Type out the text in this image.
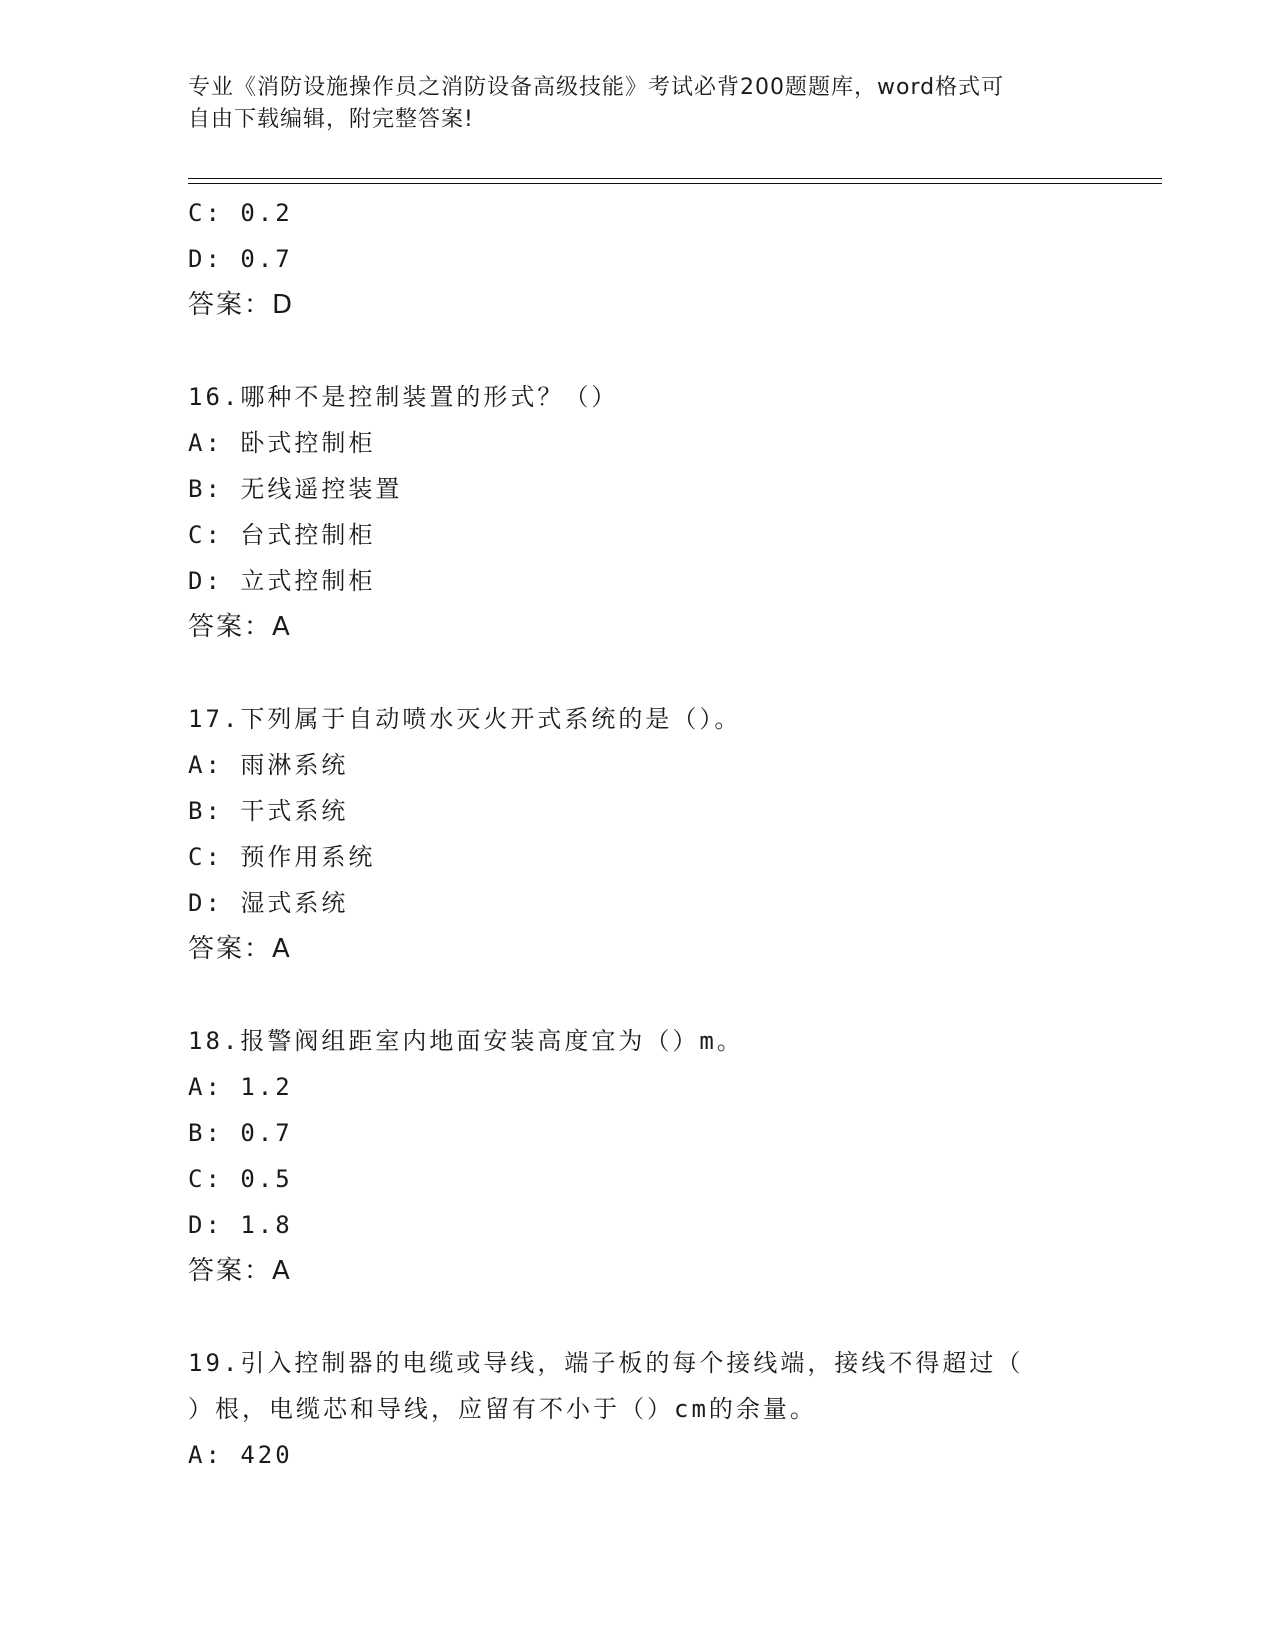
专业《消防设施操作员之消防设备高级技能》考试必背200题题库，word格式可
自由下载编辑，附完整答案!
C: 0.2
D: 0.7
答案：D
16.哪种不是控制装置的形式？（）
A: 卧式控制柜
B: 无线遥控装置
C: 台式控制柜
D: 立式控制柜
答案：A
17.下列属于自动喷水灭火开式系统的是（）。
A: 雨淋系统
B: 干式系统
C: 预作用系统
D: 湿式系统
答案：A
18.报警阀组距室内地面安装高度宜为（）m。
A: 1.2
B: 0.7
C: 0.5
D: 1.8
答案：A
19.引入控制器的电缆或导线，端子板的每个接线端，接线不得超过（
）根，电缆芯和导线，应留有不小于（）cm的余量。
A: 420
